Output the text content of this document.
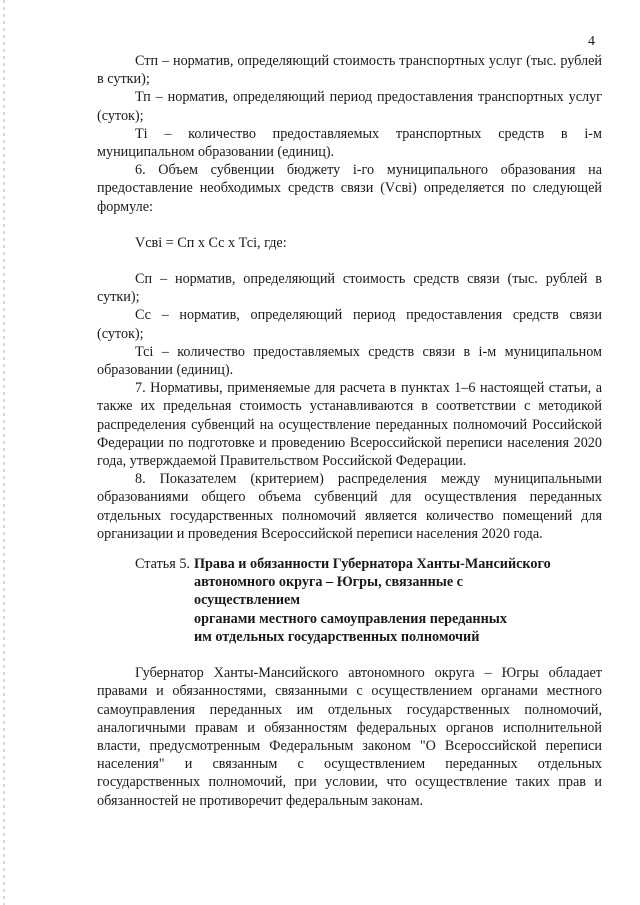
4

Стп – норматив, определяющий стоимость транспортных услуг (тыс. рублей в сутки);

Тп – норматив, определяющий период предоставления транспортных услуг (суток);

Тi – количество предоставляемых транспортных средств в i-м муниципальном образовании (единиц).

6. Объем субвенции бюджету i-го муниципального образования на предоставление необходимых средств связи (Vсвi) определяется по следующей формуле:

Vсвi = Сп х Сс х Тсi, где:

Сп – норматив, определяющий стоимость средств связи (тыс. рублей в сутки);

Сс – норматив, определяющий период предоставления средств связи (суток);

Тсi – количество предоставляемых средств связи в i-м муниципальном образовании (единиц).

7. Нормативы, применяемые для расчета в пунктах 1–6 настоящей статьи, а также их предельная стоимость устанавливаются в соответствии с методикой распределения субвенций на осуществление переданных полномочий Российской Федерации по подготовке и проведению Всероссийской переписи населения 2020 года, утверждаемой Правительством Российской Федерации.

8. Показателем (критерием) распределения между муниципальными образованиями общего объема субвенций для осуществления переданных отдельных государственных полномочий является количество помещений для организации и проведения Всероссийской переписи населения 2020 года.

Статья 5. Права и обязанности Губернатора Ханты-Мансийского
автономного округа – Югры, связанные с осуществлением
органами местного самоуправления переданных
им отдельных государственных полномочий

Губернатор Ханты-Мансийского автономного округа – Югры обладает правами и обязанностями, связанными с осуществлением органами местного самоуправления переданных им отдельных государственных полномочий, аналогичными правам и обязанностям федеральных органов исполнительной власти, предусмотренным Федеральным законом "О Всероссийской переписи населения" и связанным с осуществлением переданных отдельных государственных полномочий, при условии, что осуществление таких прав и обязанностей не противоречит федеральным законам.
